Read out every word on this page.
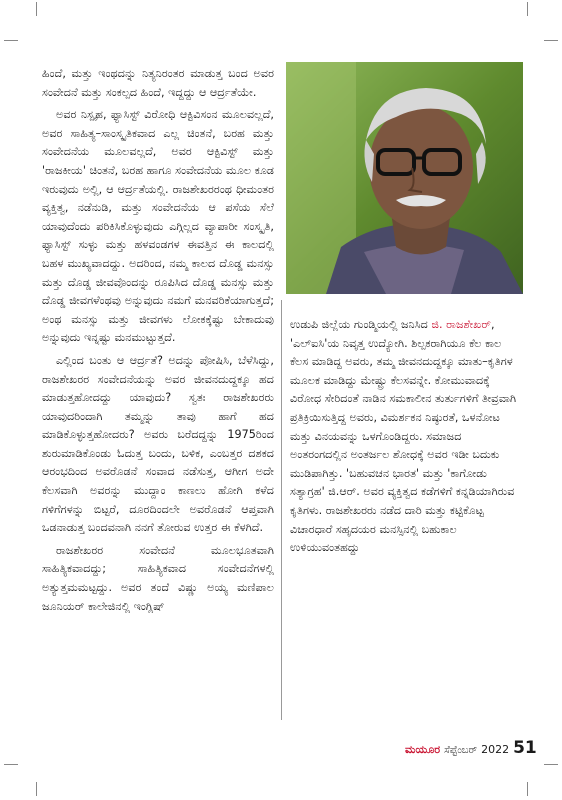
ಹಿಂದೆ, ಮತ್ತು ಇಂಥದನ್ನು ನಿತ್ಯನಿರಂತರ ಮಾಡುತ್ತ ಬಂದ ಅವರ ಸಂವೇದನೆ ಮತ್ತು ಸಂಕಲ್ಪದ ಹಿಂದೆ, ಇದ್ದದ್ದು ಆ ಆರ್ದ್ರತೆಯೇ.

ಅವರ ನಿಸ್ಪೃಹ, ಫ್ಯಾಸಿಸ್ಟ್ ವಿರೋಧಿ ಆಕ್ಟಿವಿಸಂನ ಮೂಲವಲ್ಲದೆ, ಅವರ ಸಾಹಿತ್ಯ–ಸಾಂಸ್ಕೃತಿಕವಾದ ಎಲ್ಲ ಚಿಂತನೆ, ಬರಹ ಮತ್ತು ಸಂವೇದನೆಯ ಮೂಲವಲ್ಲದೆ, ಅವರ ಆಕ್ಟಿವಿಸ್ಟ್ ಮತ್ತು 'ರಾಜಕೀಯ' ಚಿಂತನೆ, ಬರಹ ಹಾಗೂ ಸಂವೇದನೆಯ ಮೂಲ ಕೂಡ ಇರುವುದು ಅಲ್ಲಿ, ಆ ಆರ್ದ್ರತೆಯಲ್ಲಿ. ರಾಜಶೇಖರರಂಥ ಧೀಮಂತರ ವ್ಯಕ್ತಿತ್ವ, ನಡೆನುಡಿ, ಮತ್ತು ಸಂವೇದನೆಯ ಆ ಪಸೆಯ ಸೆಲೆ ಯಾವುದೆಂದು ಪರಿಕಿಸಿಕೊಳ್ಳುವುದು ಎಗ್ಗಿಲ್ಲದ ವ್ಯಾಪಾರೀ ಸಂಸ್ಕೃತಿ, ಫ್ಯಾಸಿಸ್ಟ್ ಸುಳ್ಳು ಮತ್ತು ಹಳವಂಡಗಳ ಈವತ್ತಿನ ಈ ಕಾಲದಲ್ಲಿ ಬಹಳ ಮುಖ್ಯವಾದದ್ದು. ಅದರಿಂದ, ನಮ್ಮ ಕಾಲದ ದೊಡ್ಡ ಮನಸ್ಸು ಮತ್ತು ದೊಡ್ಡ ಜೀವವೊಂದನ್ನು ರೂಪಿಸಿದ ದೊಡ್ಡ ಮನಸ್ಸು ಮತ್ತು ದೊಡ್ಡ ಜೀವಗಳೆಂಥವು ಅನ್ನುವುದು ನಮಗೆ ಮನವರಿಕೆಯಾಗುತ್ತದೆ; ಅಂಥ ಮನಸ್ಸು ಮತ್ತು ಜೀವಗಳು ಲೋಕಕ್ಕೆಷ್ಟು ಬೇಕಾದುವು ಅನ್ನುವುದು ಇನ್ನಷ್ಟು ಮನಮುಟ್ಟುತ್ತದೆ.

ಎಲ್ಲಿಂದ ಬಂತು ಆ ಆರ್ದ್ರತೆ? ಅದನ್ನು ಪೋಷಿಸಿ, ಬೆಳೆಸಿದ್ದು, ರಾಜಶೇಖರರ ಸಂವೇದನೆಯನ್ನು ಅವರ ಜೀವನದುದ್ದಕ್ಕೂ ಹದ ಮಾಡುತ್ತಹೋದದ್ದು ಯಾವುದು? ಸ್ವತಃ ರಾಜಶೇಖರರು ಯಾವುದರಿಂದಾಗಿ ತಮ್ಮನ್ನು ತಾವು ಹಾಗೆ ಹದ ಮಾಡಿಕೊಳ್ಳುತ್ತಹೋದರು? ಅವರು ಬರೆದದ್ದನ್ನು 1975ರಿಂದ ಶುರುಮಾಡಿಕೊಂಡು ಓದುತ್ತ ಬಂದು, ಬಳಿಕ, ಎಂಬತ್ತರ ದಶಕದ ಆರಂಭದಿಂದ ಅವರೊಡನೆ ಸಂವಾದ ನಡೆಸುತ್ತ, ಆಗೀಗ ಅದೇ ಕೆಲಸವಾಗಿ ಅವರನ್ನು ಮುದ್ದಾಂ ಕಾಣಲು ಹೋಗಿ ಕಳೆದ ಗಳಿಗೆಗಳನ್ನು ಬಿಟ್ಟರೆ, ದೂರದಿಂದಲೇ ಅವರೊಡನೆ ಆಪ್ತವಾಗಿ ಒಡನಾಡುತ್ತ ಬಂದವನಾಗಿ ನನಗೆ ತೋರುವ ಉತ್ತರ ಈ ಕೆಳಗಿದೆ.

ರಾಜಶೇಖರರ ಸಂವೇದನೆ ಮೂಲಭೂತವಾಗಿ ಸಾಹಿತ್ಯಿಕವಾದದ್ದು; ಸಾಹಿತ್ಯಿಕವಾದ ಸಂವೇದನೆಗಳಲ್ಲಿ ಅತ್ಯುತ್ತಮಮಟ್ಟದ್ದು. ಅವರ ತಂದೆ ವಿಷ್ಣು ಅಯ್ಯ ಮಣಿಪಾಲ ಜೂನಿಯರ್ ಕಾಲೇಜಿನಲ್ಲಿ ಇಂಗ್ಲಿಷ್

ಉಡುಪಿ ಜಿಲ್ಲೆಯ ಗುಂಡ್ಮಿಯಲ್ಲಿ ಜನಿಸಿದ ಜಿ. ರಾಜಶೇಖರ್, 'ಎಲ್‌ಐಸಿ'ಯ ನಿವೃತ್ತ ಉದ್ಯೋಗಿ. ಶಿಲ್ಪಕರಾಗಿಯೂ ಕೆಲ ಕಾಲ ಕೆಲಸ ಮಾಡಿದ್ದ ಅವರು, ತಮ್ಮ ಜೀವನದುದ್ದಕ್ಕೂ ಮಾತು–ಕೃತಿಗಳ ಮೂಲಕ ಮಾಡಿದ್ದು ಮೇಷ್ಟ್ರು ಕೆಲಸವನ್ನೇ. ಕೋಮುವಾದಕ್ಕೆ ವಿರೋಧ ಸೇರಿದಂತೆ ನಾಡಿನ ಸಮಕಾಲೀನ ತುರ್ತುಗಳಿಗೆ ತೀವ್ರವಾಗಿ ಪ್ರತಿಕ್ರಿಯಿಸುತ್ತಿದ್ದ ಅವರು, ವಿಮರ್ಶಕನ ನಿಷ್ಠುರತೆ, ಒಳನೋಟ ಮತ್ತು ವಿನಯವನ್ನು ಒಳಗೊಂಡಿದ್ದರು. ಸಮಾಜದ ಅಂತರಂಗದಲ್ಲಿನ ಅಂತರ್ಜಲ ಶೋಧಕ್ಕೆ ಅವರ ಇಡೀ ಬದುಕು ಮುಡಿಪಾಗಿತ್ತು. 'ಬಹುವಚನ ಭಾರತ' ಮತ್ತು 'ಕಾಗೋಡು ಸತ್ಯಾಗ್ರಹ' ಜಿ.ಆರ್. ಅವರ ವ್ಯಕ್ತಿತ್ವದ ಕಡೆಗಳಿಗೆ ಕನ್ನಡಿಯಾಗಿರುವ ಕೃತಿಗಳು. ರಾಜಶೇಖರರು ನಡೆದ ದಾರಿ ಮತ್ತು ಕಟ್ಟಿಕೊಟ್ಟ ವಿಚಾರಧಾರೆ ಸಹೃದಯರ ಮನಸ್ಸಿನಲ್ಲಿ ಬಹುಕಾಲ ಉಳಿಯುವಂತಹದ್ದು

ಮಯೂರ ಸೆಪ್ಟೆಂಬರ್ 2022 51
